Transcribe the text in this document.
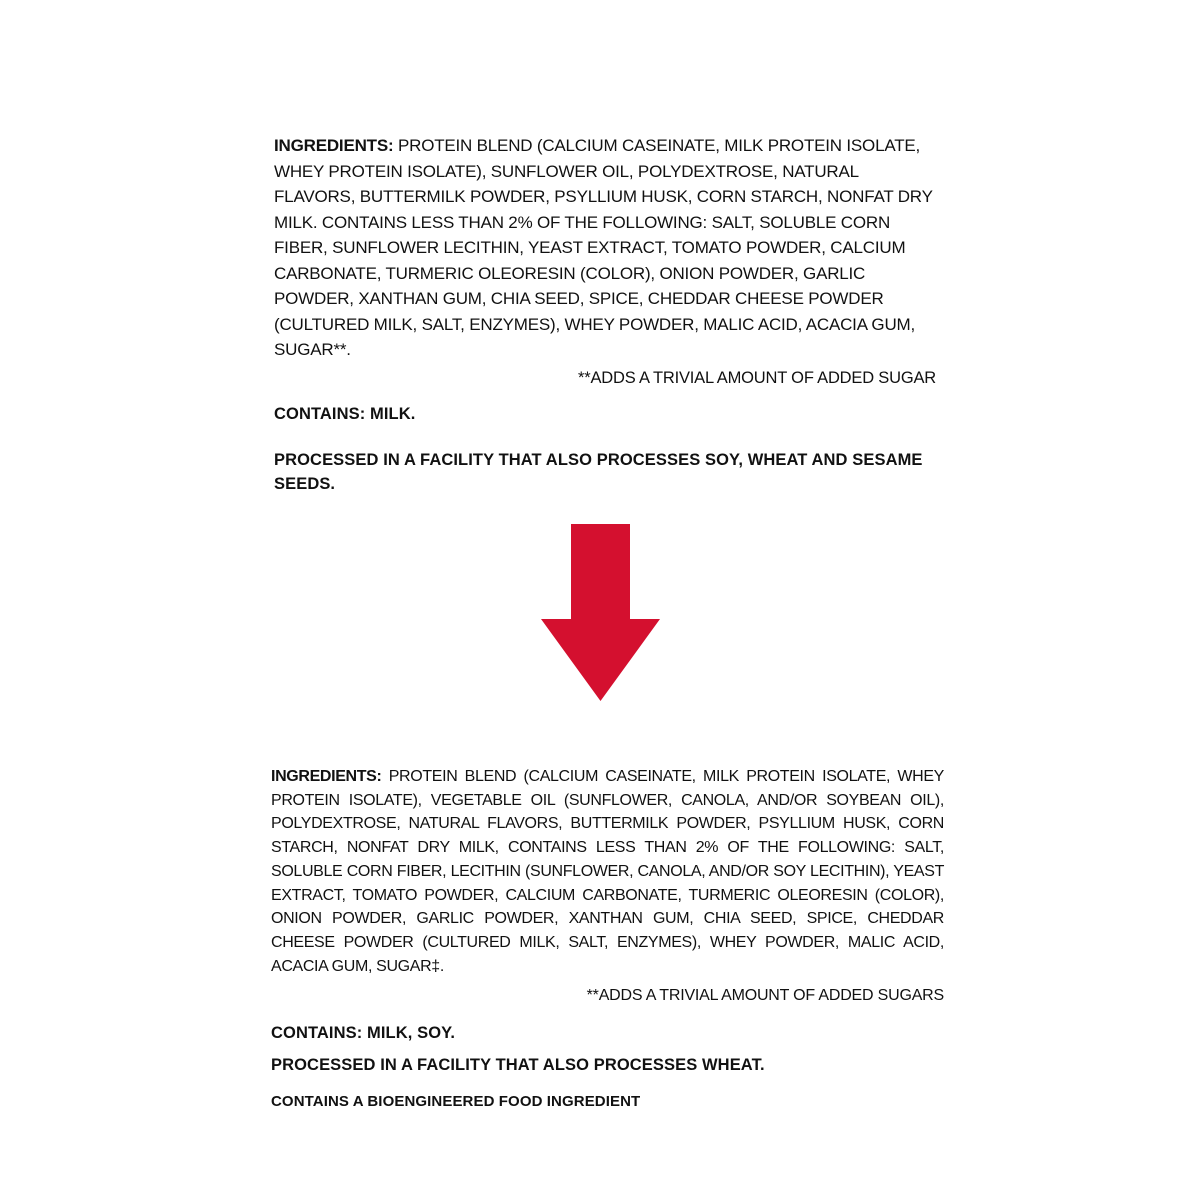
INGREDIENTS: PROTEIN BLEND (CALCIUM CASEINATE, MILK PROTEIN ISOLATE, WHEY PROTEIN ISOLATE), SUNFLOWER OIL, POLYDEXTROSE, NATURAL FLAVORS, BUTTERMILK POWDER, PSYLLIUM HUSK, CORN STARCH, NONFAT DRY MILK. CONTAINS LESS THAN 2% OF THE FOLLOWING: SALT, SOLUBLE CORN FIBER, SUNFLOWER LECITHIN, YEAST EXTRACT, TOMATO POWDER, CALCIUM CARBONATE, TURMERIC OLEORESIN (COLOR), ONION POWDER, GARLIC POWDER, XANTHAN GUM, CHIA SEED, SPICE, CHEDDAR CHEESE POWDER (CULTURED MILK, SALT, ENZYMES), WHEY POWDER, MALIC ACID, ACACIA GUM, SUGAR**.

**ADDS A TRIVIAL AMOUNT OF ADDED SUGAR

CONTAINS: MILK.

PROCESSED IN A FACILITY THAT ALSO PROCESSES SOY, WHEAT AND SESAME SEEDS.

INGREDIENTS: PROTEIN BLEND (CALCIUM CASEINATE, MILK PROTEIN ISOLATE, WHEY PROTEIN ISOLATE), VEGETABLE OIL (SUNFLOWER, CANOLA, AND/OR SOYBEAN OIL), POLYDEXTROSE, NATURAL FLAVORS, BUTTERMILK POWDER, PSYLLIUM HUSK, CORN STARCH, NONFAT DRY MILK, CONTAINS LESS THAN 2% OF THE FOLLOWING: SALT, SOLUBLE CORN FIBER, LECITHIN (SUNFLOWER, CANOLA, AND/OR SOY LECITHIN), YEAST EXTRACT, TOMATO POWDER, CALCIUM CARBONATE, TURMERIC OLEORESIN (COLOR), ONION POWDER, GARLIC POWDER, XANTHAN GUM, CHIA SEED, SPICE, CHEDDAR CHEESE POWDER (CULTURED MILK, SALT, ENZYMES), WHEY POWDER, MALIC ACID, ACACIA GUM, SUGAR‡.

**ADDS A TRIVIAL AMOUNT OF ADDED SUGARS

CONTAINS: MILK, SOY.

PROCESSED IN A FACILITY THAT ALSO PROCESSES WHEAT.

CONTAINS A BIOENGINEERED FOOD INGREDIENT
